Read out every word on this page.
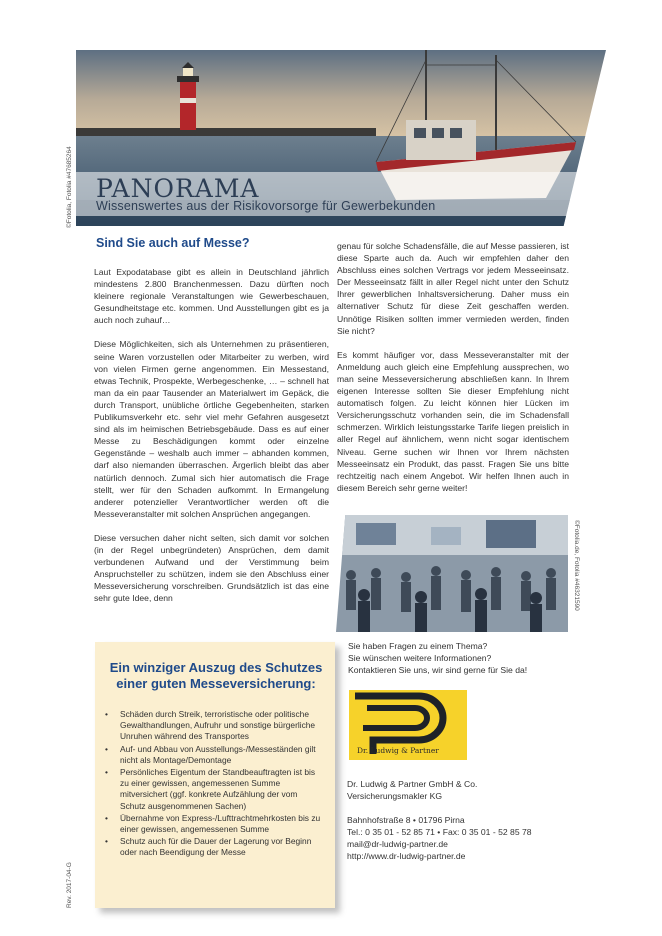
PANORAMA
Wissenswertes aus der Risikovorsorge für Gewerbekunden
©Fotolia, Fotolia #47685264
Sind Sie auch auf Messe?

Laut Expodatabase gibt es allein in Deutschland jährlich mindestens 2.800 Branchenmessen. Dazu dürften noch kleinere regionale Veranstaltungen wie Gewerbeschauen, Gesundheitstage etc. kommen. Und Ausstellungen gibt es ja auch noch zuhauf…

Diese Möglichkeiten, sich als Unternehmen zu präsentieren, seine Waren vorzustellen oder Mitarbeiter zu werben, wird von vielen Firmen gerne angenommen. Ein Messestand, etwas Technik, Prospekte, Werbegeschenke, … – schnell hat man da ein paar Tausender an Materialwert im Gepäck, die durch Transport, unübliche örtliche Gegebenheiten, starken Publikumsverkehr etc. sehr viel mehr Gefahren ausgesetzt sind als im heimischen Betriebsgebäude. Dass es auf einer Messe zu Beschädigungen kommt oder einzelne Gegenstände – weshalb auch immer – abhanden kommen, darf also niemanden überraschen. Ärgerlich bleibt das aber natürlich dennoch. Zumal sich hier automatisch die Frage stellt, wer für den Schaden aufkommt. In Ermangelung anderer potenzieller Verantwortlicher werden oft die Messeveranstalter mit solchen Ansprüchen angegangen.

Diese versuchen daher nicht selten, sich damit vor solchen (in der Regel unbegründeten) Ansprüchen, dem damit verbundenen Aufwand und der Verstimmung beim Anspruchsteller zu schützen, indem sie den Abschluss einer Messeversicherung vorschreiben. Grundsätzlich ist das eine sehr gute Idee, denn

genau für solche Schadensfälle, die auf Messe passieren, ist diese Sparte auch da. Auch wir empfehlen daher den Abschluss eines solchen Vertrags vor jedem Messeeinsatz. Der Messeeinsatz fällt in aller Regel nicht unter den Schutz Ihrer gewerblichen Inhaltsversicherung. Daher muss ein alternativer Schutz für diese Zeit geschaffen werden. Unnötige Risiken sollten immer vermieden werden, finden Sie nicht?

Es kommt häufiger vor, dass Messeveranstalter mit der Anmeldung auch gleich eine Empfehlung aussprechen, wo man seine Messeversicherung abschließen kann. In Ihrem eigenen Interesse sollten Sie dieser Empfehlung nicht automatisch folgen. Zu leicht können hier Lücken im Versicherungsschutz vorhanden sein, die im Schadensfall schmerzen. Wirklich leistungsstarke Tarife liegen preislich in aller Regel auf ähnlichem, wenn nicht sogar identischem Niveau. Gerne suchen wir Ihnen vor Ihrem nächsten Messeeinsatz ein Produkt, das passt. Fragen Sie uns bitte rechtzeitig nach einem Angebot. Wir helfen Ihnen auch in diesem Bereich sehr gerne weiter!

©Fotolia.de, Fotolia #46321590
Ein winziger Auszug des Schutzes einer guten Messeversicherung:
• Schäden durch Streik, terroristische oder politische Gewalthandlungen, Aufruhr und sonstige bürgerliche Unruhen während des Transportes
• Auf- und Abbau von Ausstellungs-/Messeständen gilt nicht als Montage/Demontage
• Persönliches Eigentum der Standbeauftragten ist bis zu einer gewissen, angemessenen Summe mitversichert (ggf. konkrete Aufzählung der vom Schutz ausgenommenen Sachen)
• Übernahme von Express-/Lufttrachtmehrkosten bis zu einer gewissen, angemessenen Summe
• Schutz auch für die Dauer der Lagerung vor Beginn oder nach Beendigung der Messe
Sie haben Fragen zu einem Thema?
Sie wünschen weitere Informationen?
Kontaktieren Sie uns, wir sind gerne für Sie da!
Dr. Ludwig & Partner
Dr. Ludwig & Partner GmbH & Co.
Versicherungsmakler KG
Bahnhofstraße 8 • 01796 Pirna
Tel.: 0 35 01 - 52 85 71 • Fax: 0 35 01 - 52 85 78
mail@dr-ludwig-partner.de
http://www.dr-ludwig-partner.de
Rev. 2017-04-G
